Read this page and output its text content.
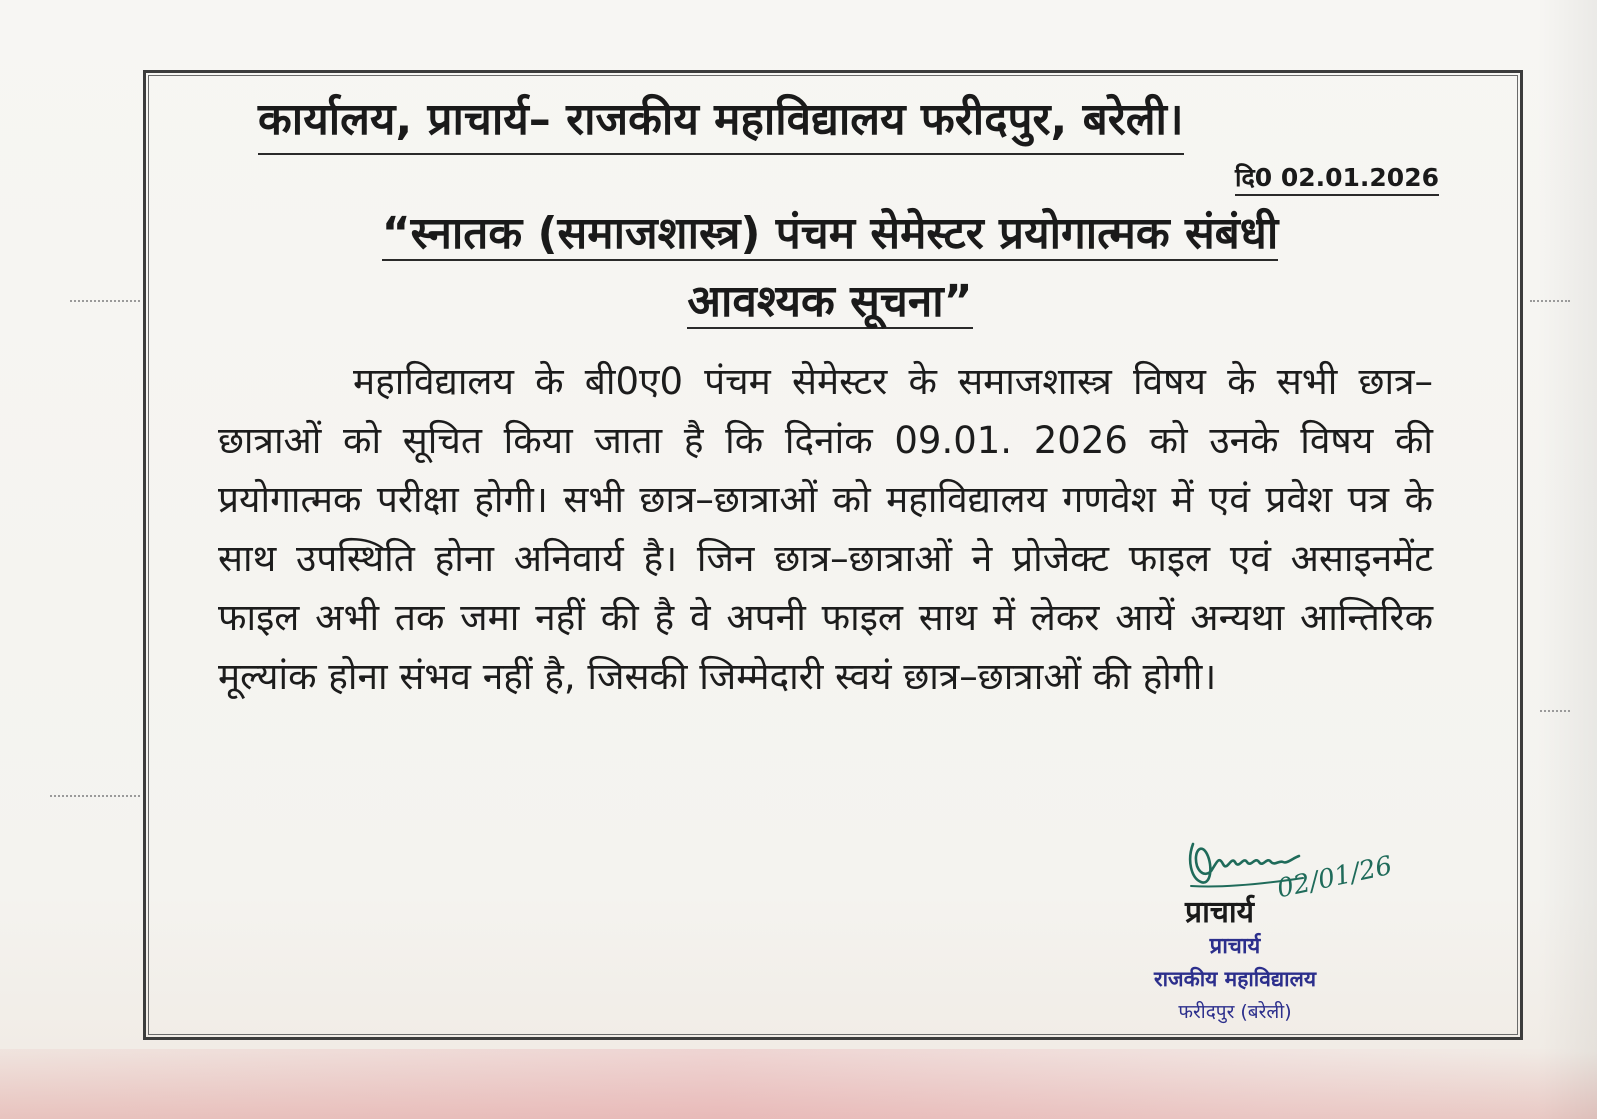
कार्यालय, प्राचार्य– राजकीय महाविद्यालय फरीदपुर, बरेली।
दि0 02.01.2026
“स्नातक (समाजशास्त्र) पंचम सेमेस्टर प्रयोगात्मक संबंधी
आवश्यक सूचना”

महाविद्यालय के बी0ए0 पंचम सेमेस्टर के समाजशास्त्र विषय के सभी छात्र–छात्राओं को सूचित किया जाता है कि दिनांक 09.01. 2026 को उनके विषय की प्रयोगात्मक परीक्षा होगी। सभी छात्र–छात्राओं को महाविद्यालय गणवेश में एवं प्रवेश पत्र के साथ उपस्थिति होना अनिवार्य है। जिन छात्र–छात्राओं ने प्रोजेक्ट फाइल एवं असाइनमेंट फाइल अभी तक जमा नहीं की है वे अपनी फाइल साथ में लेकर आयें अन्यथा आन्तिरिक मूल्यांक होना संभव नहीं है, जिसकी जिम्मेदारी स्वयं छात्र–छात्राओं की होगी।

02/01/26
प्राचार्य
प्राचार्य
राजकीय महाविद्यालय
फरीदपुर (बरेली)
